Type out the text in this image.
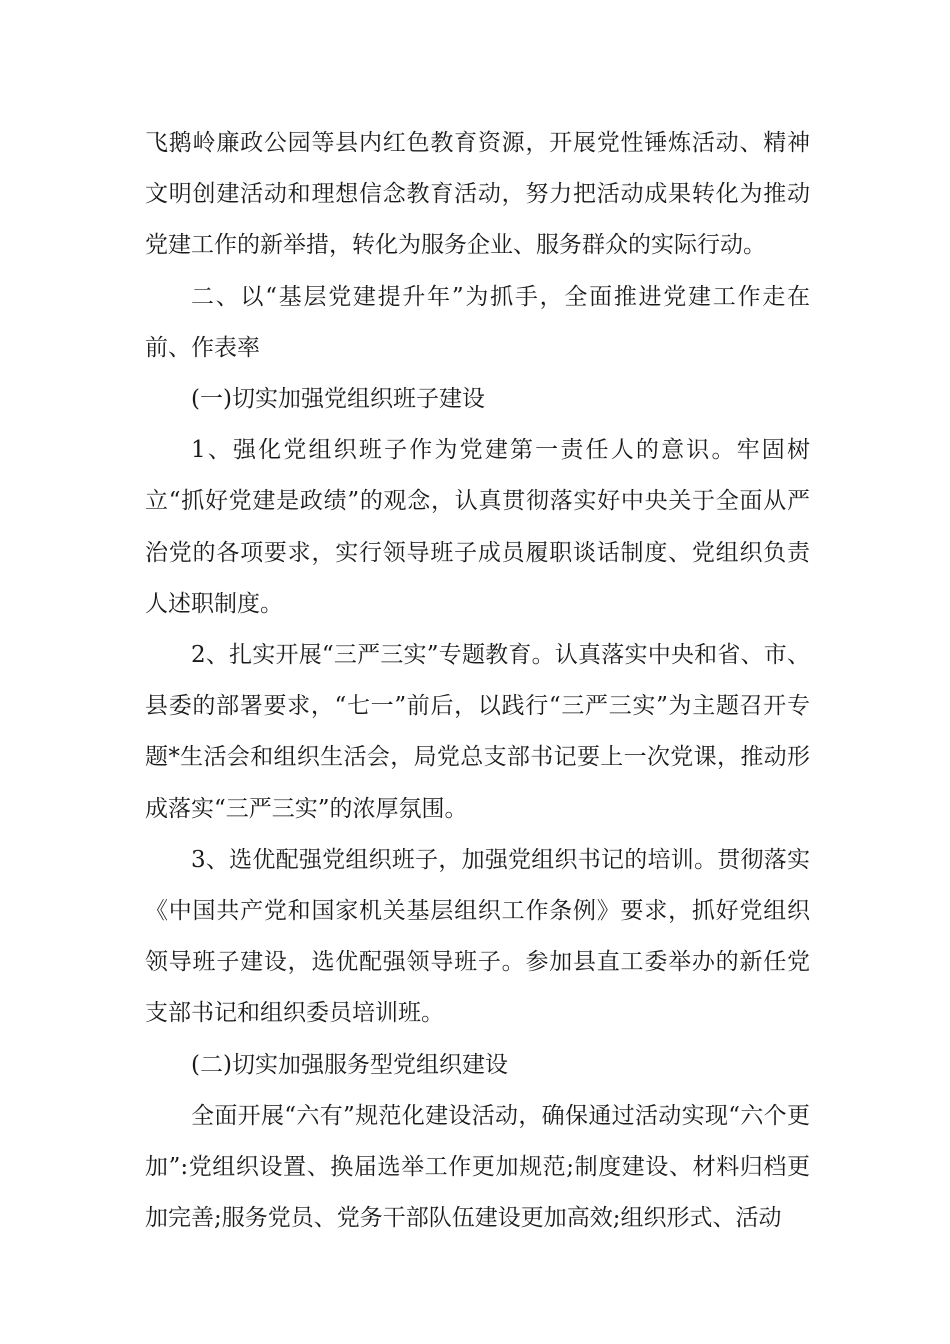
飞鹅岭廉政公园等县内红色教育资源，开展党性锤炼活动、精神文明创建活动和理想信念教育活动，努力把活动成果转化为推动党建工作的新举措，转化为服务企业、服务群众的实际行动。

二、以“基层党建提升年”为抓手，全面推进党建工作走在前、作表率

(一)切实加强党组织班子建设

1、强化党组织班子作为党建第一责任人的意识。牢固树立“抓好党建是政绩”的观念，认真贯彻落实好中央关于全面从严治党的各项要求，实行领导班子成员履职谈话制度、党组织负责人述职制度。

2、扎实开展“三严三实”专题教育。认真落实中央和省、市、县委的部署要求，“七一”前后，以践行“三严三实”为主题召开专题*生活会和组织生活会，局党总支部书记要上一次党课，推动形成落实“三严三实”的浓厚氛围。

3、选优配强党组织班子，加强党组织书记的培训。贯彻落实《中国共产党和国家机关基层组织工作条例》要求，抓好党组织领导班子建设，选优配强领导班子。参加县直工委举办的新任党支部书记和组织委员培训班。

(二)切实加强服务型党组织建设

全面开展“六有”规范化建设活动，确保通过活动实现“六个更加”:党组织设置、换届选举工作更加规范;制度建设、材料归档更加完善;服务党员、党务干部队伍建设更加高效;组织形式、活动
